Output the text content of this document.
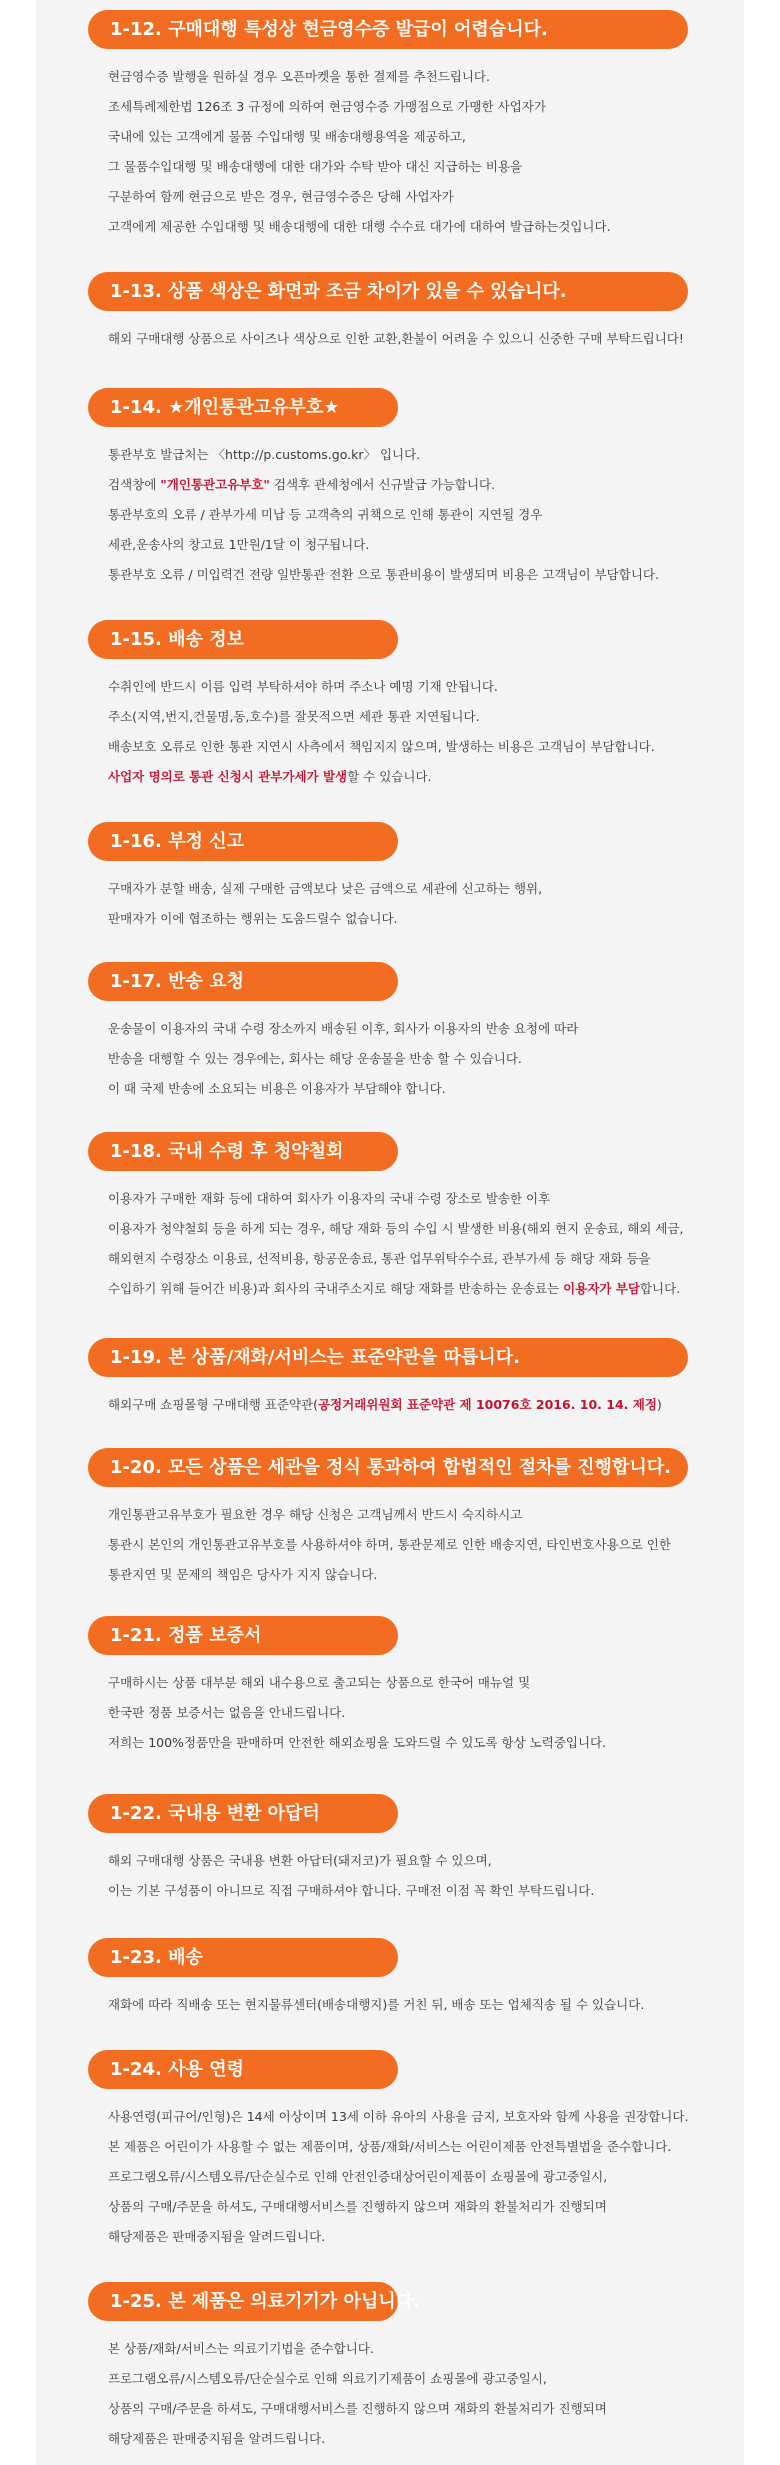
1-12. 구매대행 특성상 현금영수증 발급이 어렵습니다.
현금영수증 발행을 원하실 경우 오픈마켓을 통한 결제를 추천드립니다.
조세특례제한법 126조 3 규정에 의하여 현금영수증 가맹점으로 가맹한 사업자가
국내에 있는 고객에게 물품 수입대행 및 배송대행용역을 제공하고,
그 물품수입대행 및 배송대행에 대한 대가와 수탁 받아 대신 지급하는 비용을
구분하여 함께 현금으로 받은 경우, 현금영수증은 당해 사업자가
고객에게 제공한 수입대행 및 배송대행에 대한 대행 수수료 대가에 대하여 발급하는것입니다.
1-13. 상품 색상은 화면과 조금 차이가 있을 수 있습니다.
해외 구매대행 상품으로 사이즈나 색상으로 인한 교환,환불이 어려울 수 있으니 신중한 구매 부탁드립니다!
1-14. ★개인통관고유부호★
통관부호 발급처는 〈http://p.customs.go.kr〉 입니다.
검색창에 "개인통관고유부호" 검색후 관세청에서 신규발급 가능합니다.
통관부호의 오류 / 관부가세 미납 등 고객측의 귀책으로 인해 통관이 지연될 경우
세관,운송사의 창고료 1만원/1달 이 청구됩니다.
통관부호 오류 / 미입력건 전량 일반통관 전환 으로 통관비용이 발생되며 비용은 고객님이 부담합니다.
1-15. 배송 정보
수취인에 반드시 이름 입력 부탁하셔야 하며 주소나 예명 기재 안됩니다.
주소(지역,번지,건물명,동,호수)를 잘못적으면 세관 통관 지연됩니다.
배송보호 오류로 인한 통관 지연시 사측에서 책임지지 않으며, 발생하는 비용은 고객님이 부담합니다.
사업자 명의로 통관 신청시 관부가세가 발생할 수 있습니다.
1-16. 부정 신고
구매자가 분할 배송, 실제 구매한 금액보다 낮은 금액으로 세관에 신고하는 행위,
판매자가 이에 협조하는 행위는 도움드릴수 없습니다.
1-17. 반송 요청
운송물이 이용자의 국내 수령 장소까지 배송된 이후, 회사가 이용자의 반송 요청에 따라
반송을 대행할 수 있는 경우에는, 회사는 해당 운송물을 반송 할 수 있습니다.
이 때 국제 반송에 소요되는 비용은 이용자가 부담해야 합니다.
1-18. 국내 수령 후 청약철회
이용자가 구매한 재화 등에 대하여 회사가 이용자의 국내 수령 장소로 발송한 이후
이용자가 청약철회 등을 하게 되는 경우, 해당 재화 등의 수입 시 발생한 비용(해외 현지 운송료, 해외 세금,
해외현지 수령장소 이용료, 선적비용, 항공운송료, 통관 업무위탁수수료, 관부가세 등 해당 재화 등을
수입하기 위해 들어간 비용)과 회사의 국내주소지로 해당 재화를 반송하는 운송료는 이용자가 부담합니다.
1-19. 본 상품/재화/서비스는 표준약관을 따릅니다.
해외구매 쇼핑몰형 구매대행 표준약관(공정거래위원회 표준약관 제 10076호 2016. 10. 14. 제정)
1-20. 모든 상품은 세관을 정식 통과하여 합법적인 절차를 진행합니다.
개인통관고유부호가 필요한 경우 해당 신청은 고객님께서 반드시 숙지하시고
통관시 본인의 개인통관고유부호를 사용하셔야 하며, 통관문제로 인한 배송지연, 타인번호사용으로 인한
통관지연 및 문제의 책임은 당사가 지지 않습니다.
1-21. 정품 보증서
구매하시는 상품 대부분 해외 내수용으로 출고되는 상품으로 한국어 매뉴얼 및
한국판 정품 보증서는 없음을 안내드립니다.
저희는 100%정품만을 판매하며 안전한 해외쇼핑을 도와드릴 수 있도록 항상 노력중입니다.
1-22. 국내용 변환 아답터
해외 구매대행 상품은 국내용 변환 아답터(돼지코)가 필요할 수 있으며,
이는 기본 구성품이 아니므로 직접 구매하셔야 합니다. 구매전 이점 꼭 확인 부탁드립니다.
1-23. 배송
재화에 따라 직배송 또는 현지물류센터(배송대행지)를 거친 뒤, 배송 또는 업체직송 될 수 있습니다.
1-24. 사용 연령
사용연령(피규어/인형)은 14세 이상이며 13세 이하 유아의 사용을 금지, 보호자와 함께 사용을 권장합니다.
본 제품은 어린이가 사용할 수 없는 제품이며, 상품/재화/서비스는 어린이제품 안전특별법을 준수합니다.
프로그램오류/시스템오류/단순실수로 인해 안전인증대상어린이제품이 쇼핑몰에 광고중일시,
상품의 구매/주문을 하셔도, 구매대행서비스를 진행하지 않으며 재화의 환불처리가 진행되며
해당제품은 판매중지됨을 알려드립니다.
1-25. 본 제품은 의료기기가 아닙니다.
본 상품/재화/서비스는 의료기기법을 준수합니다.
프로그램오류/시스템오류/단순실수로 인해 의료기기제품이 쇼핑몰에 광고중일시,
상품의 구매/주문을 하셔도, 구매대행서비스를 진행하지 않으며 재화의 환불처리가 진행되며
해당제품은 판매중지됨을 알려드립니다.
